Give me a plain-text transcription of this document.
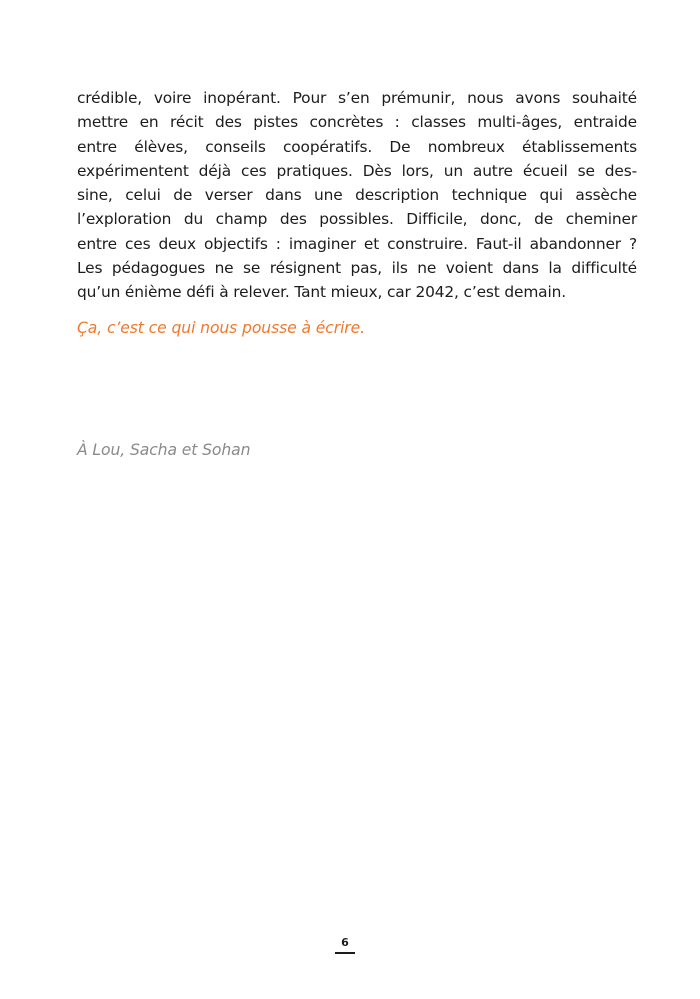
crédible, voire inopérant. Pour s’en prémunir, nous avons souhaité
mettre en récit des pistes concrètes : classes multi-âges, entraide
entre élèves, conseils coopératifs. De nombreux établissements
expérimentent déjà ces pratiques. Dès lors, un autre écueil se des-
sine, celui de verser dans une description technique qui assèche
l’exploration du champ des possibles. Difficile, donc, de cheminer
entre ces deux objectifs : imaginer et construire. Faut-il abandonner ?
Les pédagogues ne se résignent pas, ils ne voient dans la difficulté
qu’un énième défi à relever. Tant mieux, car 2042, c’est demain.

Ça, c’est ce qui nous pousse à écrire.

À Lou, Sacha et Sohan

6
